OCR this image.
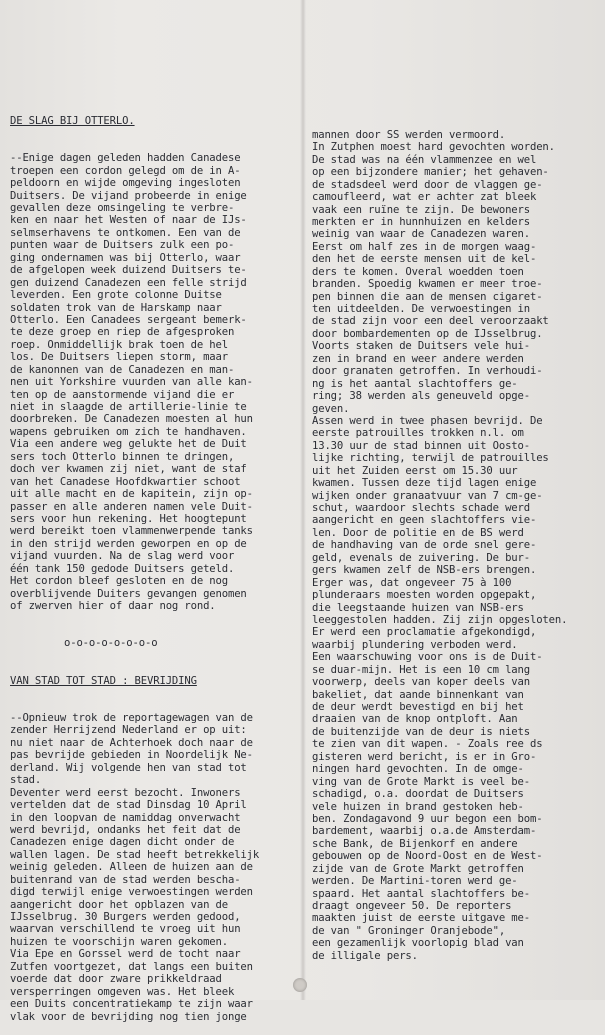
DE SLAG BIJ OTTERLO.

--Enige dagen geleden hadden Canadese
troepen een cordon gelegd om de in A-
peldoorn en wijde omgeving ingesloten
Duitsers. De vijand probeerde in enige
gevallen deze omsingeling te verbre-
ken en naar het Westen of naar de IJs-
selmserhavens te ontkomen. Een van de
punten waar de Duitsers zulk een po-
ging ondernamen was bij Otterlo, waar
de afgelopen week duizend Duitsers te-
gen duizend Canadezen een felle strijd
leverden. Een grote colonne Duitse
soldaten trok van de Harskamp naar
Otterlo. Een Canadees sergeant bemerk-
te deze groep en riep de afgesproken
roep. Onmiddellijk brak toen de hel
los. De Duitsers liepen storm, maar
de kanonnen van de Canadezen en man-
nen uit Yorkshire vuurden van alle kan-
ten op de aanstormende vijand die er
niet in slaagde de artillerie-linie te
doorbreken. De Canadezen moesten al hun
wapens gebruiken om zich te handhaven.
Via een andere weg gelukte het de Duit
sers toch Otterlo binnen te dringen,
doch ver kwamen zij niet, want de staf
van het Canadese Hoofdkwartier schoot
uit alle macht en de kapitein, zijn op-
passer en alle anderen namen vele Duit-
sers voor hun rekening. Het hoogtepunt
werd bereikt toen vlammenwerpende tanks
in den strijd werden geworpen en op de
vijand vuurden. Na de slag werd voor
één tank 150 gedode Duitsers geteld.
Het cordon bleef gesloten en de nog
overblijvende Duiters gevangen genomen
of zwerven hier of daar nog rond.

o-o-o-o-o-o-o-o

VAN STAD TOT STAD : BEVRIJDING

--Opnieuw trok de reportagewagen van de
zender Herrijzend Nederland er op uit:
nu niet naar de Achterhoek doch naar de
pas bevrijde gebieden in Noordelijk Ne-
derland. Wij volgende hen van stad tot
stad.
Deventer werd eerst bezocht. Inwoners
vertelden dat de stad Dinsdag 10 April
in den loopvan de namiddag onverwacht
werd bevrijd, ondanks het feit dat de
Canadezen enige dagen dicht onder de
wallen lagen. De stad heeft betrekkelijk
weinig geleden. Alleen de huizen aan de
buitenrand van de stad werden bescha-
digd terwijl enige verwoestingen werden
aangericht door het opblazen van de
IJsselbrug. 30 Burgers werden gedood,
waarvan verschillend te vroeg uit hun
huizen te voorschijn waren gekomen.
Via Epe en Gorssel werd de tocht naar
Zutfen voortgezet, dat langs een buiten
voerde dat door zware prikkeldraad
versperringen omgeven was. Het bleek
een Duits concentratiekamp te zijn waar
vlak voor de bevrijding nog tien jonge

mannen door SS werden vermoord.
In Zutphen moest hard gevochten worden.
De stad was na één vlammenzee en wel
op een bijzondere manier; het gehaven-
de stadsdeel werd door de vlaggen ge-
camoufleerd, wat er achter zat bleek
vaak een ruïne te zijn. De bewoners
merkten er in hunnhuizen en kelders
weinig van waar de Canadezen waren.
Eerst om half zes in de morgen waag-
den het de eerste mensen uit de kel-
ders te komen. Overal woedden toen
branden. Spoedig kwamen er meer troe-
pen binnen die aan de mensen cigaret-
ten uitdeelden. De verwoestingen in
de stad zijn voor een deel veroorzaakt
door bombardementen op de IJsselbrug.
Voorts staken de Duitsers vele hui-
zen in brand en weer andere werden
door granaten getroffen. In verhoudi-
ng is het aantal slachtoffers ge-
ring; 38 werden als geneuveld opge-
geven.
Assen werd in twee phasen bevrijd. De
eerste patrouilles trokken n.l. om
13.30 uur de stad binnen uit Oosto-
lijke richting, terwijl de patrouilles
uit het Zuiden eerst om 15.30 uur
kwamen. Tussen deze tijd lagen enige
wijken onder granaatvuur van 7 cm-ge-
schut, waardoor slechts schade werd
aangericht en geen slachtoffers vie-
len. Door de politie en de BS werd
de handhaving van de orde snel gere-
geld, evenals de zuivering. De bur-
gers kwamen zelf de NSB-ers brengen.
Erger was, dat ongeveer 75 à 100
plunderaars moesten worden opgepakt,
die leegstaande huizen van NSB-ers
leeggestolen hadden. Zij zijn opgesloten.
Er werd een proclamatie afgekondigd,
waarbij plundering verboden werd.
Een waarschuwing voor ons is de Duit-
se duar-mijn. Het is een 10 cm lang
voorwerp, deels van koper deels van
bakeliet, dat aande binnenkant van
de deur werdt bevestigd en bij het
draaien van de knop ontploft. Aan
de buitenzijde van de deur is niets
te zien van dit wapen. - Zoals ree ds
gisteren werd bericht, is er in Gro-
ningen hard gevochten. In de omge-
ving van de Grote Markt is veel be-
schadigd, o.a. doordat de Duitsers
vele huizen in brand gestoken heb-
ben. Zondagavond 9 uur begon een bom-
bardement, waarbij o.a.de Amsterdam-
sche Bank, de Bijenkorf en andere
gebouwen op de Noord-Oost en de West-
zijde van de Grote Markt getroffen
werden. De Martini-toren werd ge-
spaard. Het aantal slachtoffers be-
draagt ongeveer 50. De reporters
maakten juist de eerste uitgave me-
de van " Groninger Oranjebode",
een gezamenlijk voorlopig blad van
de illigale pers.
